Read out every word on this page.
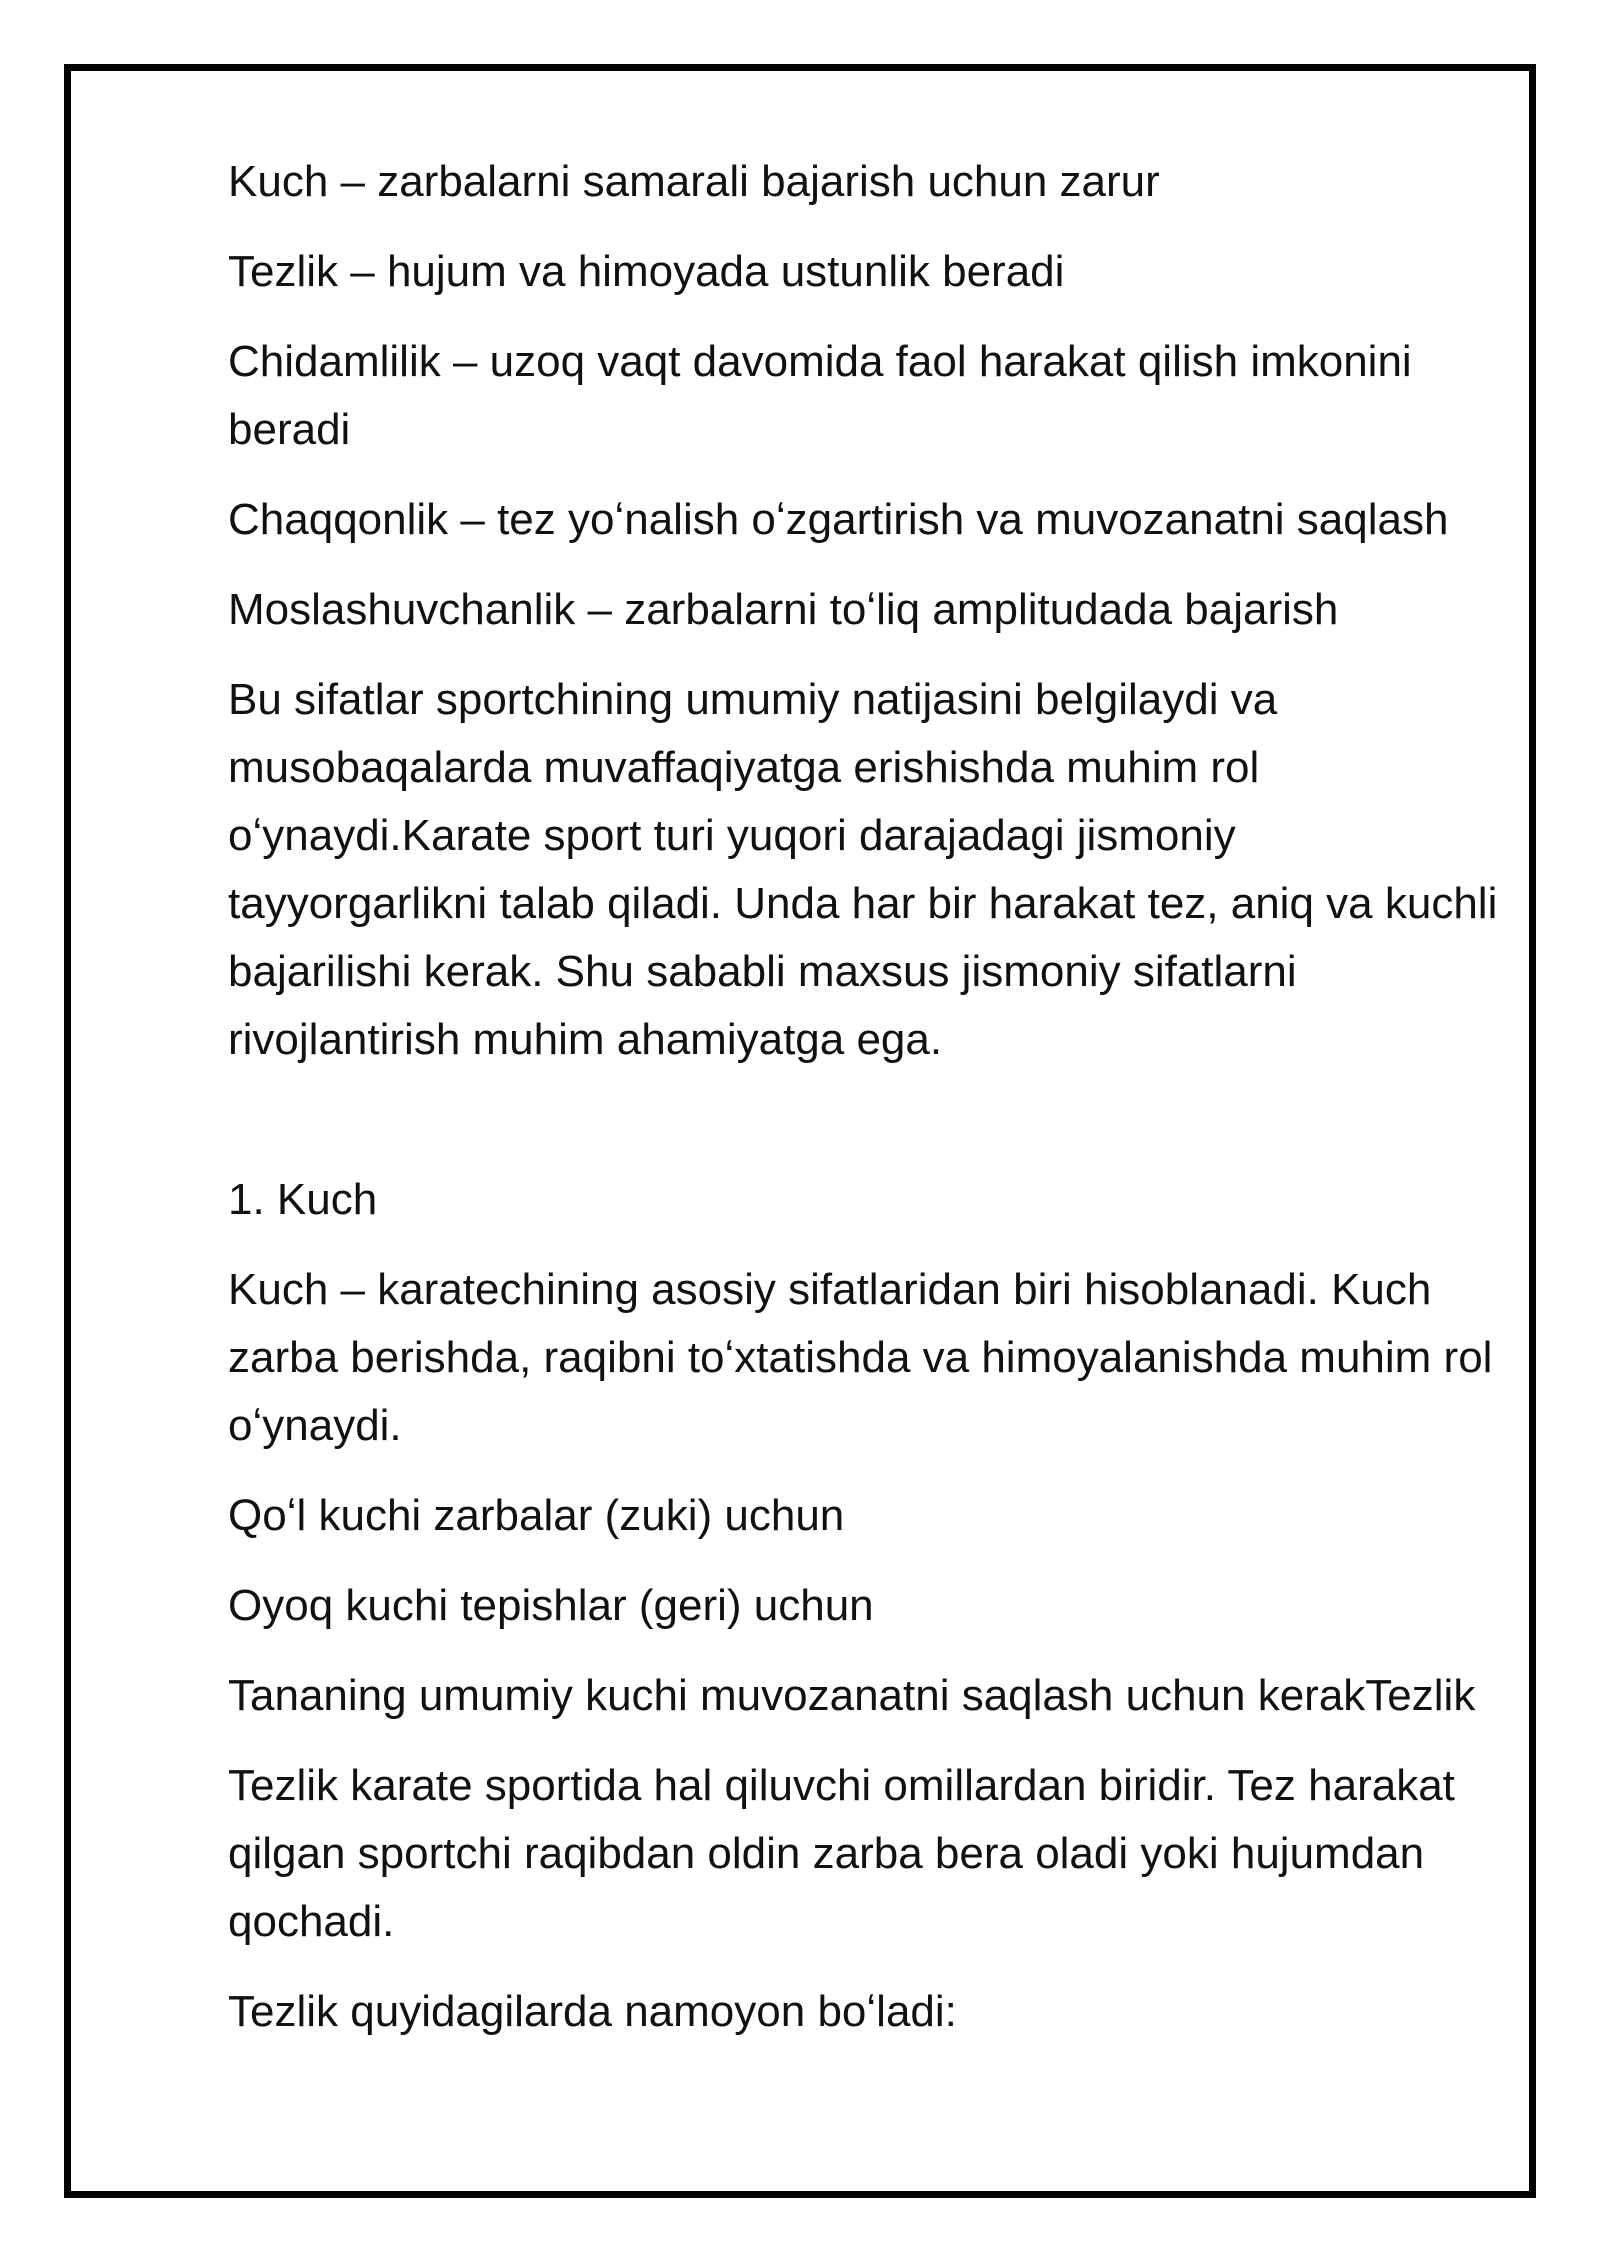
Kuch – zarbalarni samarali bajarish uchun zarur

Tezlik – hujum va himoyada ustunlik beradi

Chidamlilik – uzoq vaqt davomida faol harakat qilish imkonini beradi

Chaqqonlik – tez yoʻnalish oʻzgartirish va muvozanatni saqlash

Moslashuvchanlik – zarbalarni toʻliq amplitudada bajarish

Bu sifatlar sportchining umumiy natijasini belgilaydi va musobaqalarda muvaffaqiyatga erishishda muhim rol oʻynaydi.Karate sport turi yuqori darajadagi jismoniy tayyorgarlikni talab qiladi. Unda har bir harakat tez, aniq va kuchli bajarilishi kerak. Shu sababli maxsus jismoniy sifatlarni rivojlantirish muhim ahamiyatga ega.

1. Kuch

Kuch – karatechining asosiy sifatlaridan biri hisoblanadi. Kuch zarba berishda, raqibni toʻxtatishda va himoyalanishda muhim rol oʻynaydi.

Qoʻl kuchi zarbalar (zuki) uchun

Oyoq kuchi tepishlar (geri) uchun

Tananing umumiy kuchi muvozanatni saqlash uchun kerakTezlik

Tezlik karate sportida hal qiluvchi omillardan biridir. Tez harakat qilgan sportchi raqibdan oldin zarba bera oladi yoki hujumdan qochadi.

Tezlik quyidagilarda namoyon boʻladi:
